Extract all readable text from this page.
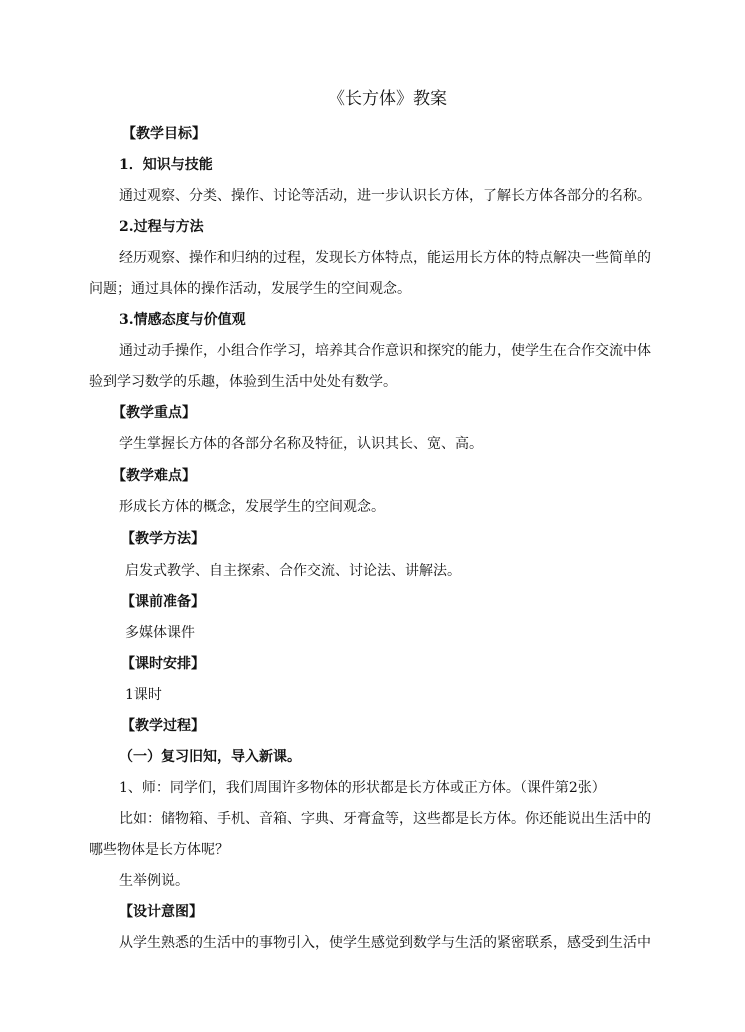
《长方体》教案
【教学目标】
1．知识与技能
通过观察、分类、操作、讨论等活动，进一步认识长方体，了解长方体各部分的名称。
2.过程与方法
经历观察、操作和归纳的过程，发现长方体特点，能运用长方体的特点解决一些简单的
问题；通过具体的操作活动，发展学生的空间观念。
3.情感态度与价值观
通过动手操作，小组合作学习，培养其合作意识和探究的能力，使学生在合作交流中体
验到学习数学的乐趣，体验到生活中处处有数学。
【教学重点】
学生掌握长方体的各部分名称及特征，认识其长、宽、高。
【教学难点】
形成长方体的概念，发展学生的空间观念。
【教学方法】
启发式教学、自主探索、合作交流、讨论法、讲解法。
【课前准备】
多媒体课件
【课时安排】
1课时
【教学过程】
（一）复习旧知，导入新课。
1、师：同学们，我们周围许多物体的形状都是长方体或正方体。（课件第2张）
比如：储物箱、手机、音箱、字典、牙膏盒等，这些都是长方体。你还能说出生活中的
哪些物体是长方体呢？
生举例说。
【设计意图】
从学生熟悉的生活中的事物引入，使学生感觉到数学与生活的紧密联系，感受到生活中
